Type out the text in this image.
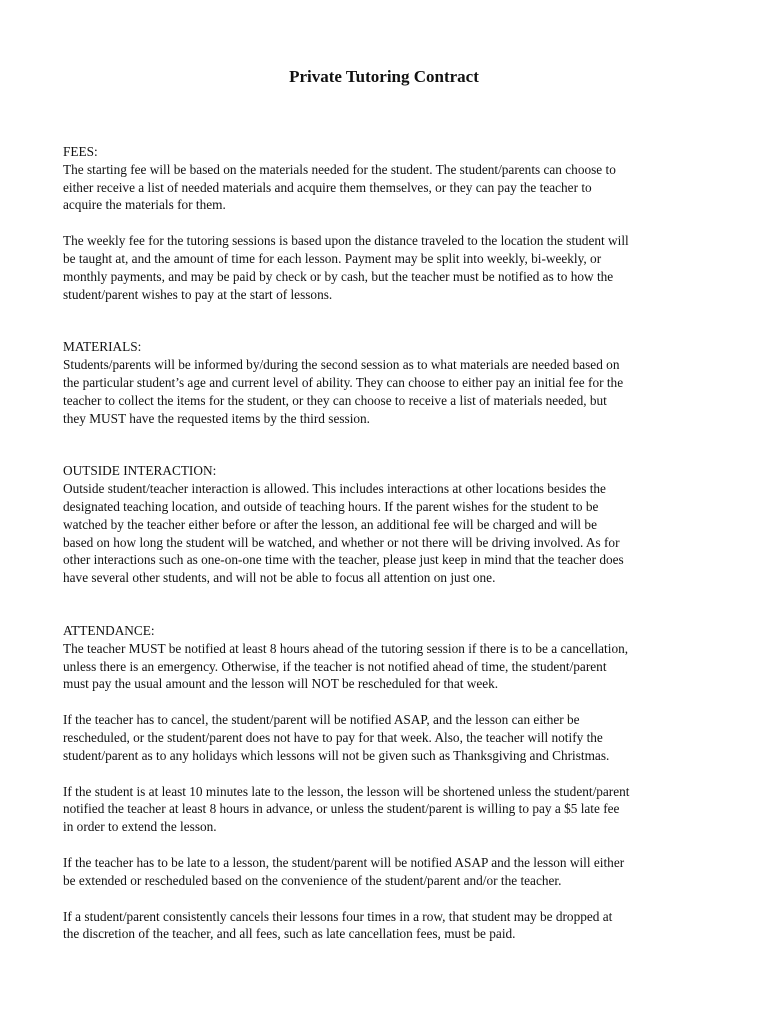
Private Tutoring Contract
FEES:
The starting fee will be based on the materials needed for the student. The student/parents can choose to
either receive a list of needed materials and acquire them themselves, or they can pay the teacher to
acquire the materials for them.
The weekly fee for the tutoring sessions is based upon the distance traveled to the location the student will
be taught at, and the amount of time for each lesson. Payment may be split into weekly, bi-weekly, or
monthly payments, and may be paid by check or by cash, but the teacher must be notified as to how the
student/parent wishes to pay at the start of lessons.
MATERIALS:
Students/parents will be informed by/during the second session as to what materials are needed based on
the particular student’s age and current level of ability. They can choose to either pay an initial fee for the
teacher to collect the items for the student, or they can choose to receive a list of materials needed, but
they MUST have the requested items by the third session.
OUTSIDE INTERACTION:
Outside student/teacher interaction is allowed. This includes interactions at other locations besides the
designated teaching location, and outside of teaching hours. If the parent wishes for the student to be
watched by the teacher either before or after the lesson, an additional fee will be charged and will be
based on how long the student will be watched, and whether or not there will be driving involved. As for
other interactions such as one-on-one time with the teacher, please just keep in mind that the teacher does
have several other students, and will not be able to focus all attention on just one.
ATTENDANCE:
The teacher MUST be notified at least 8 hours ahead of the tutoring session if there is to be a cancellation,
unless there is an emergency. Otherwise, if the teacher is not notified ahead of time, the student/parent
must pay the usual amount and the lesson will NOT be rescheduled for that week.
If the teacher has to cancel, the student/parent will be notified ASAP, and the lesson can either be
rescheduled, or the student/parent does not have to pay for that week. Also, the teacher will notify the
student/parent as to any holidays which lessons will not be given such as Thanksgiving and Christmas.
If the student is at least 10 minutes late to the lesson, the lesson will be shortened unless the student/parent
notified the teacher at least 8 hours in advance, or unless the student/parent is willing to pay a $5 late fee
in order to extend the lesson.
If the teacher has to be late to a lesson, the student/parent will be notified ASAP and the lesson will either
be extended or rescheduled based on the convenience of the student/parent and/or the teacher.
If a student/parent consistently cancels their lessons four times in a row, that student may be dropped at
the discretion of the teacher, and all fees, such as late cancellation fees, must be paid.
